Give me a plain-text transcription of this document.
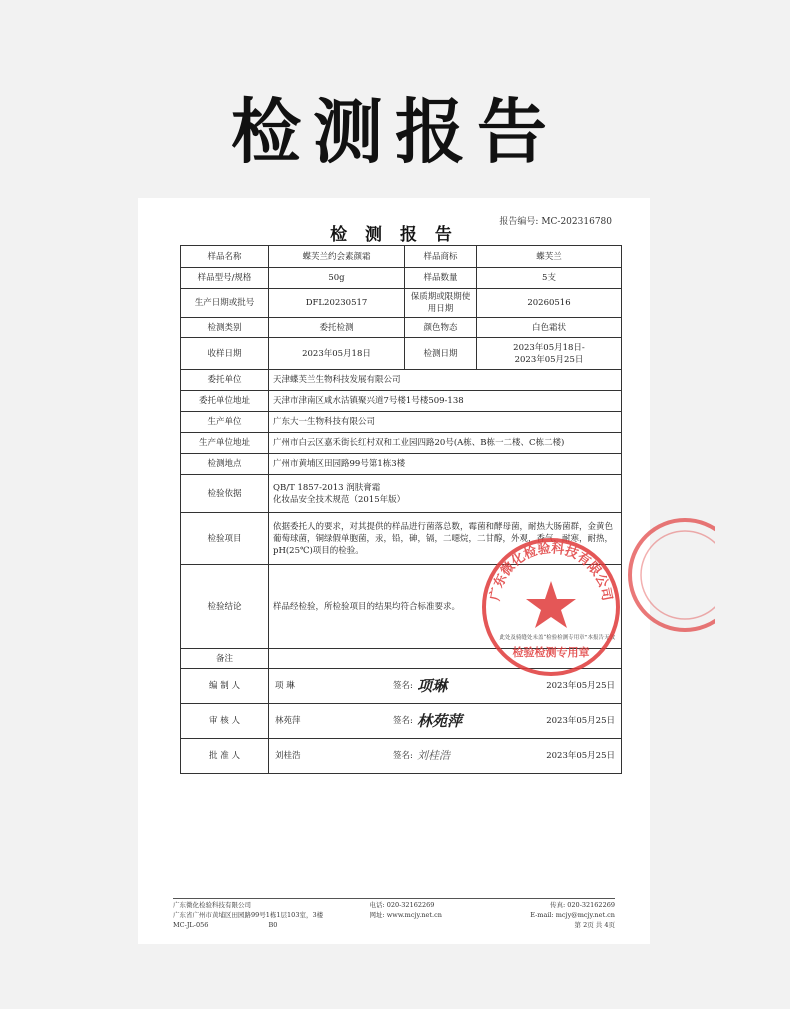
检测报告
报告编号: MC-202316780
检 测 报 告
样品名称	蝶芙兰约会素颜霜	样品商标	蝶芙兰
样品型号/规格	50g	样品数量	5支
生产日期或批号	DFL20230517	保质期或限期使用日期	20260516
检测类别	委托检测	颜色物态	白色霜状
收样日期	2023年05月18日	检测日期	2023年05月18日-
2023年05月25日

委托单位	天津蝶芙兰生物科技发展有限公司		
委托单位地址	天津市津南区咸水沽镇聚兴道7号楼1号楼509-138		
生产单位	广东大一生物科技有限公司		
生产单位地址	广州市白云区嘉禾街长红村双和工业园四路20号(A栋、B栋一二楼、C栋二楼)		
检测地点	广州市黄埔区田园路99号第1栋3楼		
检验依据	QB/T 1857-2013 润肤膏霜
化妆品安全技术规范（2015年版）		

检验项目	依据委托人的要求，对其提供的样品进行菌落总数，霉菌和酵母菌，耐热大肠菌群，金黄色葡萄球菌，铜绿假单胞菌，汞，铅，砷，镉，二噁烷，二甘醇，外观，香气，耐寒，耐热，pH(25℃)项目的检验。		
检验结论	样品经检验，所检验项目的结果均符合标准要求。
此处及骑缝处未盖“检验检测专用章”本报告无效		

备注			
编 制 人	项 琳 签名: 项琳 2023年05月25日		

审 核 人	林苑萍 签名: 林苑萍 2023年05月25日		

批 准 人	刘桂浩 签名: 刘桂浩 2023年05月25日		
广东微化检验科技有限公司	电话: 020-32162269	传真: 020-32162269
广东省广州市黄埔区田园路99号1栋1层103室，3楼	网址: www.mcjy.net.cn	E-mail: mcjy@mcjy.net.cn
MC-JL-056	B0	第 2页 共 4页
广东微化检验科技有限公司
检验检测专用章
